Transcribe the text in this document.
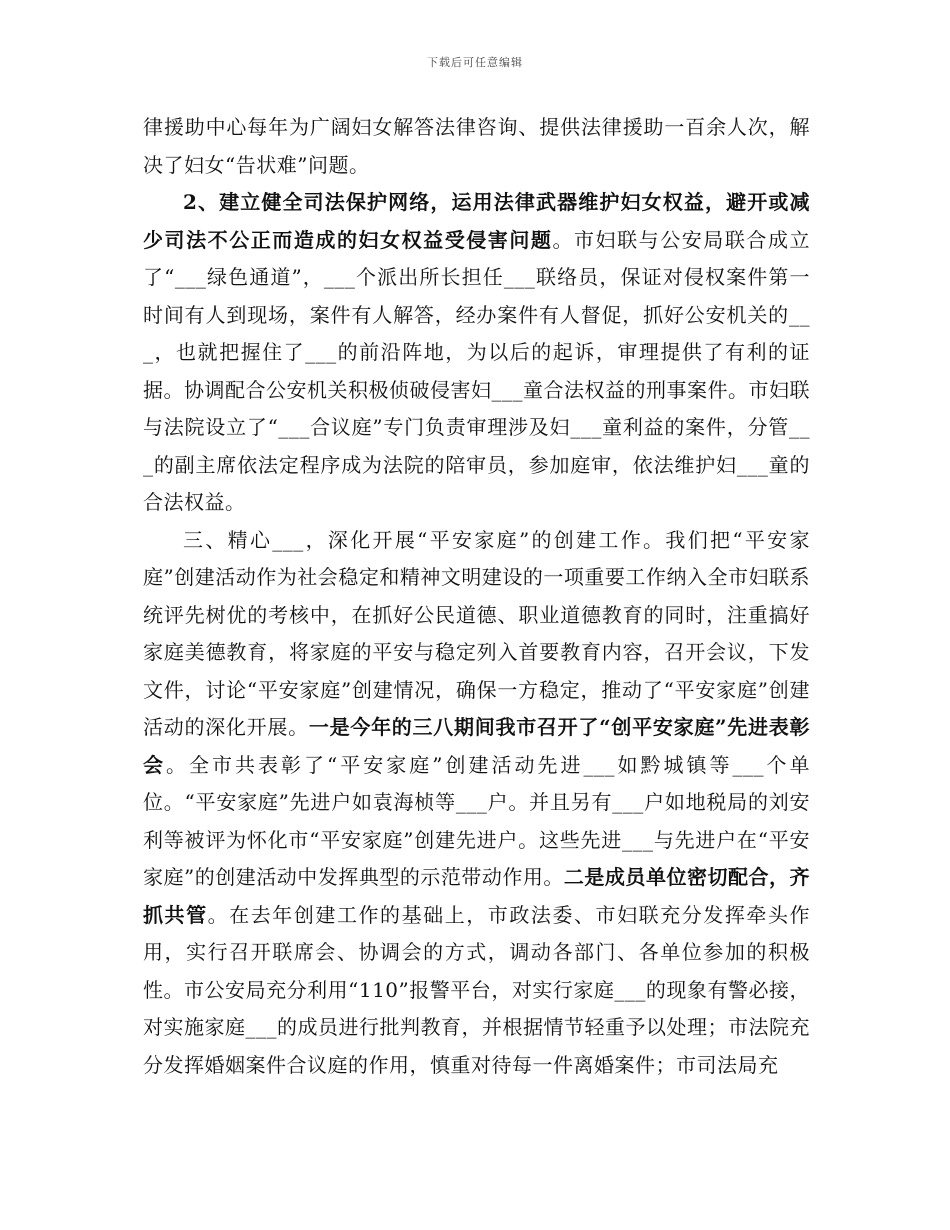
下载后可任意编辑

律援助中心每年为广阔妇女解答法律咨询、提供法律援助一百余人次，解决了妇女“告状难”问题。

2、建立健全司法保护网络，运用法律武器维护妇女权益，避开或减少司法不公正而造成的妇女权益受侵害问题。市妇联与公安局联合成立了“___绿色通道”，___个派出所长担任___联络员，保证对侵权案件第一时间有人到现场，案件有人解答，经办案件有人督促，抓好公安机关的___，也就把握住了___的前沿阵地，为以后的起诉，审理提供了有利的证据。协调配合公安机关积极侦破侵害妇___童合法权益的刑事案件。市妇联与法院设立了“___合议庭”专门负责审理涉及妇___童利益的案件，分管___的副主席依法定程序成为法院的陪审员，参加庭审，依法维护妇___童的合法权益。

三、精心___，深化开展“平安家庭”的创建工作。我们把“平安家庭”创建活动作为社会稳定和精神文明建设的一项重要工作纳入全市妇联系统评先树优的考核中，在抓好公民道德、职业道德教育的同时，注重搞好家庭美德教育，将家庭的平安与稳定列入首要教育内容，召开会议，下发文件，讨论“平安家庭”创建情况，确保一方稳定，推动了“平安家庭”创建活动的深化开展。一是今年的三八期间我市召开了“创平安家庭”先进表彰会。全市共表彰了“平安家庭”创建活动先进___如黔城镇等___个单位。“平安家庭”先进户如袁海桢等___户。并且另有___户如地税局的刘安利等被评为怀化市“平安家庭”创建先进户。这些先进___与先进户在“平安家庭”的创建活动中发挥典型的示范带动作用。二是成员单位密切配合，齐抓共管。在去年创建工作的基础上，市政法委、市妇联充分发挥牵头作用，实行召开联席会、协调会的方式，调动各部门、各单位参加的积极性。市公安局充分利用“110”报警平台，对实行家庭___的现象有警必接，对实施家庭___的成员进行批判教育，并根据情节轻重予以处理；市法院充分发挥婚姻案件合议庭的作用，慎重对待每一件离婚案件；市司法局充
